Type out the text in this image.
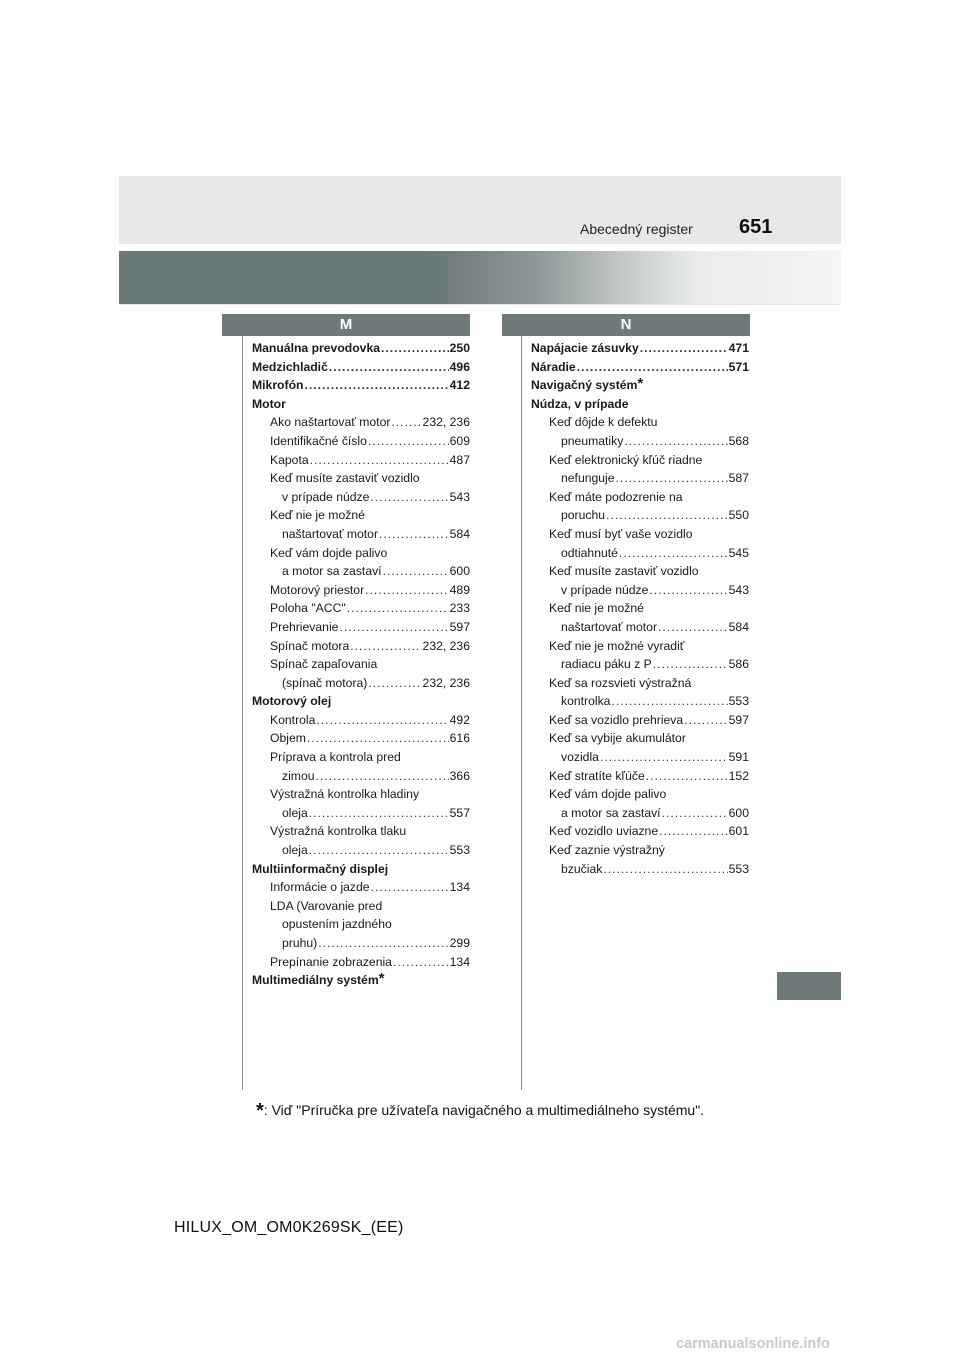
Abecedný register 651
M	N
Manuálna prevodovka .....	250
Medzichladič .....	496
Mikrofón .....	412
Motor
Ako naštartovať motor .....	232, 236
Identifikačné číslo .....	609
Kapota .....	487
Keď musíte zastaviť vozidlo
v prípade núdze .....	543
Keď nie je možné
naštartovať motor .....	584
Keď vám dojde palivo
a motor sa zastaví .....	600
Motorový priestor .....	489
Poloha "ACC" .....	233
Prehrievanie .....	597
Spínač motora .....	232, 236
Spínač zapaľovania
(spínač motora) .....	232, 236
Motorový olej
Kontrola .....	492
Objem .....	616
Príprava a kontrola pred
zimou .....	366
Výstražná kontrolka hladiny
oleja .....	557
Výstražná kontrolka tlaku
oleja .....	553
Multiinformačný displej
Informácie o jazde .....	134
LDA (Varovanie pred
opustením jazdného
pruhu) .....	299
Prepínanie zobrazenia .....	134
Multimediálny systém*
Napájacie zásuvky .....	471
Náradie .....	571
Navigačný systém*
Núdza, v prípade
Keď dôjde k defektu
pneumatiky .....	568
Keď elektronický kľúč riadne
nefunguje .....	587
Keď máte podozrenie na
poruchu .....	550
Keď musí byť vaše vozidlo
odtiahnuté .....	545
Keď musíte zastaviť vozidlo
v prípade núdze .....	543
Keď nie je možné
naštartovať motor .....	584
Keď nie je možné vyradiť
radiacu páku z P .....	586
Keď sa rozsvieti výstražná
kontrolka .....	553
Keď sa vozidlo prehrieva .....	597
Keď sa vybije akumulátor
vozidla .....	591
Keď stratíte kľúče .....	152
Keď vám dojde palivo
a motor sa zastaví .....	600
Keď vozidlo uviazne .....	601
Keď zaznie výstražný
bzučiak .....	553
*: Viď "Príručka pre užívateľa navigačného a multimediálneho systému".
HILUX_OM_OM0K269SK_(EE)
carmanualsonline.info
